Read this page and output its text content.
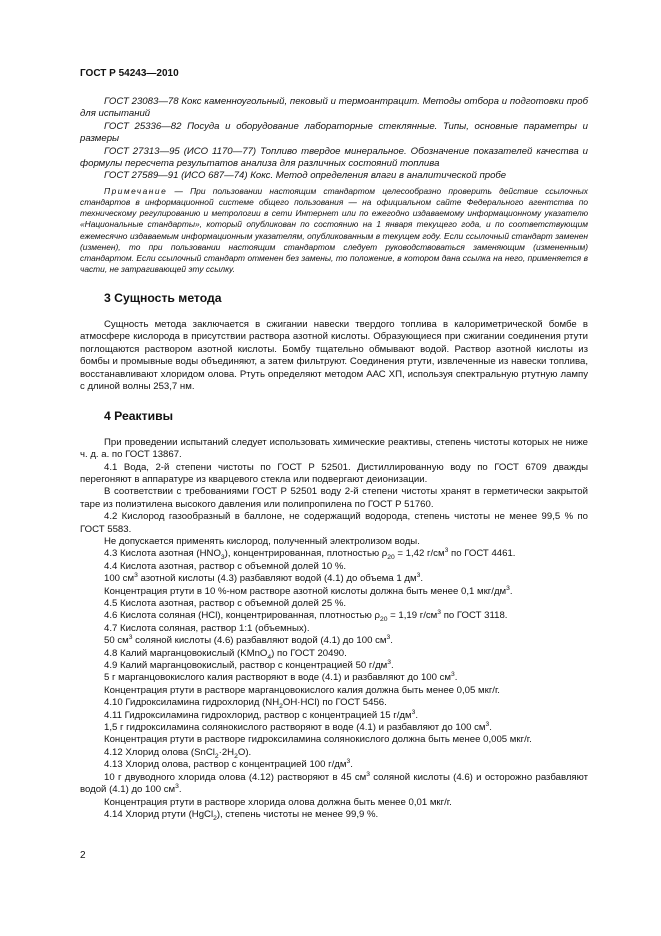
ГОСТ Р 54243—2010

ГОСТ 23083—78 Кокс каменноугольный, пековый и термоантрацит. Методы отбора и подготовки проб для испытаний

ГОСТ 25336—82 Посуда и оборудование лабораторные стеклянные. Типы, основные параметры и размеры

ГОСТ 27313—95 (ИСО 1170—77) Топливо твердое минеральное. Обозначение показателей качества и формулы пересчета результатов анализа для различных состояний топлива

ГОСТ 27589—91 (ИСО 687—74) Кокс. Метод определения влаги в аналитической пробе

Примечание — При пользовании настоящим стандартом целесообразно проверить действие ссылочных стандартов в информационной системе общего пользования — на официальном сайте Федерального агентства по техническому регулированию и метрологии в сети Интернет или по ежегодно издаваемому информационному указателю «Национальные стандарты», который опубликован по состоянию на 1 января текущего года, и по соответствующим ежемесячно издаваемым информационным указателям, опубликованным в текущем году. Если ссылочный стандарт заменен (изменен), то при пользовании настоящим стандартом следует руководствоваться заменяющим (измененным) стандартом. Если ссылочный стандарт отменен без замены, то положение, в котором дана ссылка на него, применяется в части, не затрагивающей эту ссылку.

3 Сущность метода

Сущность метода заключается в сжигании навески твердого топлива в калориметрической бомбе в атмосфере кислорода в присутствии раствора азотной кислоты. Образующиеся при сжигании соединения ртути поглощаются раствором азотной кислоты. Бомбу тщательно обмывают водой. Раствор азотной кислоты из бомбы и промывные воды объединяют, а затем фильтруют. Соединения ртути, извлеченные из навески топлива, восстанавливают хлоридом олова. Ртуть определяют методом ААС ХП, используя спектральную ртутную лампу с длиной волны 253,7 нм.

4 Реактивы

При проведении испытаний следует использовать химические реактивы, степень чистоты которых не ниже ч. д. а. по ГОСТ 13867.

4.1 Вода, 2-й степени чистоты по ГОСТ Р 52501. Дистиллированную воду по ГОСТ 6709 дважды перегоняют в аппаратуре из кварцевого стекла или подвергают деионизации.

В соответствии с требованиями ГОСТ Р 52501 воду 2-й степени чистоты хранят в герметически закрытой таре из полиэтилена высокого давления или полипропилена по ГОСТ Р 51760.

4.2 Кислород газообразный в баллоне, не содержащий водорода, степень чистоты не менее 99,5 % по ГОСТ 5583.

Не допускается применять кислород, полученный электролизом воды.

4.3 Кислота азотная $(HNO_3)$, концентрированная, плотностью $\rho_{20} = 1,42$ $г/см^3$ по ГОСТ 4461.

4.4 Кислота азотная, раствор с объемной долей 10 %.

100 $см^3$ азотной кислоты (4.3) разбавляют водой (4.1) до объема 1 $дм^3$.

Концентрация ртути в 10 %-ном растворе азотной кислоты должна быть менее 0,1 мкг/$дм^3$.

4.5 Кислота азотная, раствор с объемной долей 25 %.

4.6 Кислота соляная (HCl), концентрированная, плотностью $\rho_{20} = 1,19$ $г/см^3$ по ГОСТ 3118.

4.7 Кислота соляная, раствор 1:1 (объемных).

50 $см^3$ соляной кислоты (4.6) разбавляют водой (4.1) до 100 $см^3$.

4.8 Калий марганцовокислый (KMnO$_4$) по ГОСТ 20490.

4.9 Калий марганцовокислый, раствор с концентрацией 50 $г/дм^3$.

5 г марганцовокислого калия растворяют в воде (4.1) и разбавляют до 100 $см^3$.

Концентрация ртути в растворе марганцовокислого калия должна быть менее 0,05 мкг/г.

4.10 Гидроксиламина гидрохлорид $(NH_2OH\cdot HCl)$ по ГОСТ 5456.

4.11 Гидроксиламина гидрохлорид, раствор с концентрацией 15 $г/дм^3$.

1,5 г гидроксиламина солянокислого растворяют в воде (4.1) и разбавляют до 100 $см^3$.

Концентрация ртути в растворе гидроксиламина солянокислого должна быть менее 0,005 мкг/г.

4.12 Хлорид олова $(SnCl_2\cdot 2H_2O)$.

4.13 Хлорид олова, раствор с концентрацией 100 $г/дм^3$.

10 г двуводного хлорида олова (4.12) растворяют в 45 $см^3$ соляной кислоты (4.6) и осторожно разбавляют водой (4.1) до 100 $см^3$.

Концентрация ртути в растворе хлорида олова должна быть менее 0,01 мкг/г.

4.14 Хлорид ртути (HgCl$_2$), степень чистоты не менее 99,9 %.

2
